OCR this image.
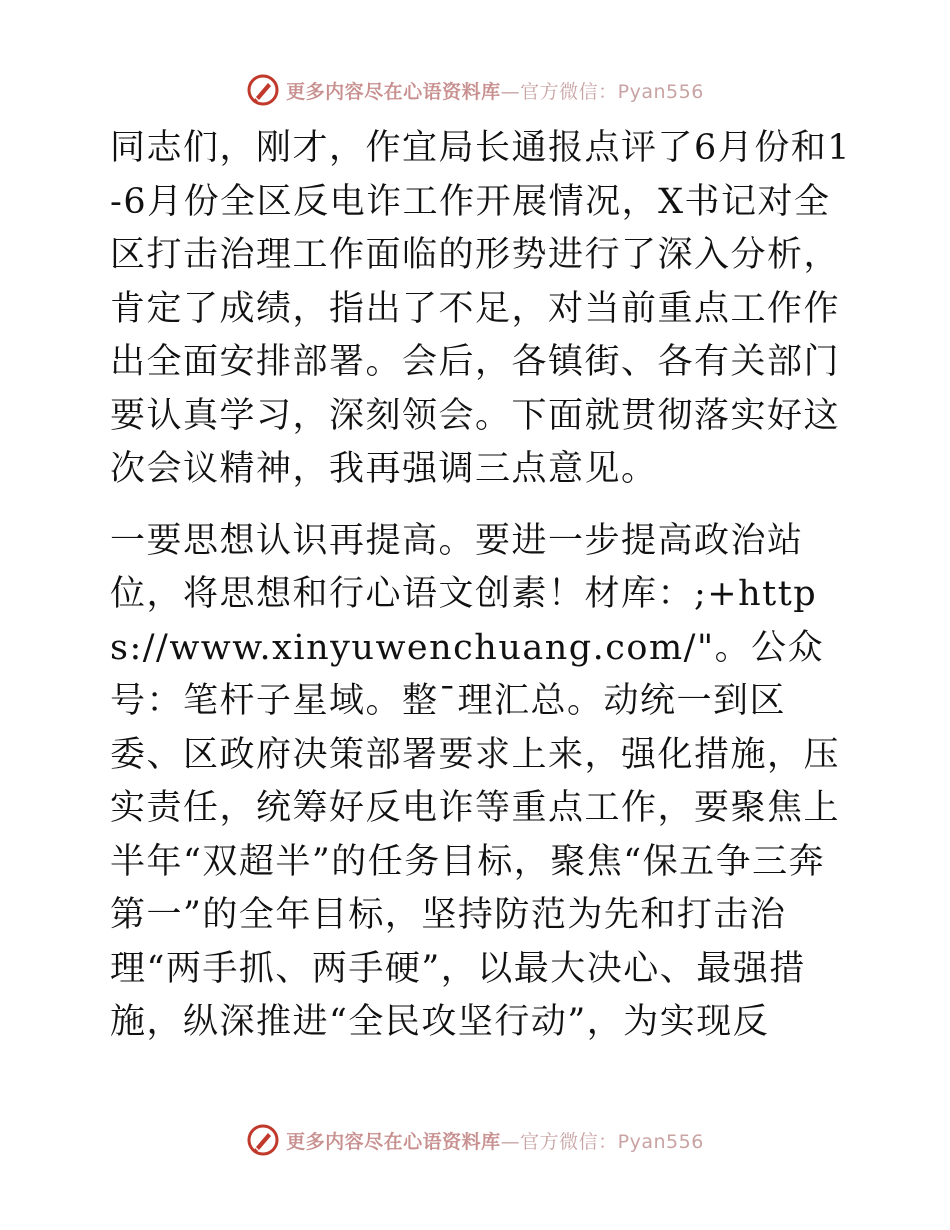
更多内容尽在心语资料库—官方微信：Pyan556

同志们，刚才，作宜局长通报点评了6月份和1-6月份全区反电诈工作开展情况，X书记对全区打击治理工作面临的形势进行了深入分析，肯定了成绩，指出了不足，对当前重点工作作出全面安排部署。会后，各镇街、各有关部门要认真学习，深刻领会。下面就贯彻落实好这次会议精神，我再强调三点意见。

一要思想认识再提高。要进一步提高政治站位，将思想和行心语文创素！材库：;+https://www.xinyuwenchuang.com/"。公众号：笔杆子星域。整¯理汇总。动统一到区委、区政府决策部署要求上来，强化措施，压实责任，统筹好反电诈等重点工作，要聚焦上半年“双超半”的任务目标，聚焦“保五争三奔第一”的全年目标，坚持防范为先和打击治理“两手抓、两手硬”，以最大决心、最强措施，纵深推进“全民攻坚行动”，为实现反

更多内容尽在心语资料库—官方微信：Pyan556
